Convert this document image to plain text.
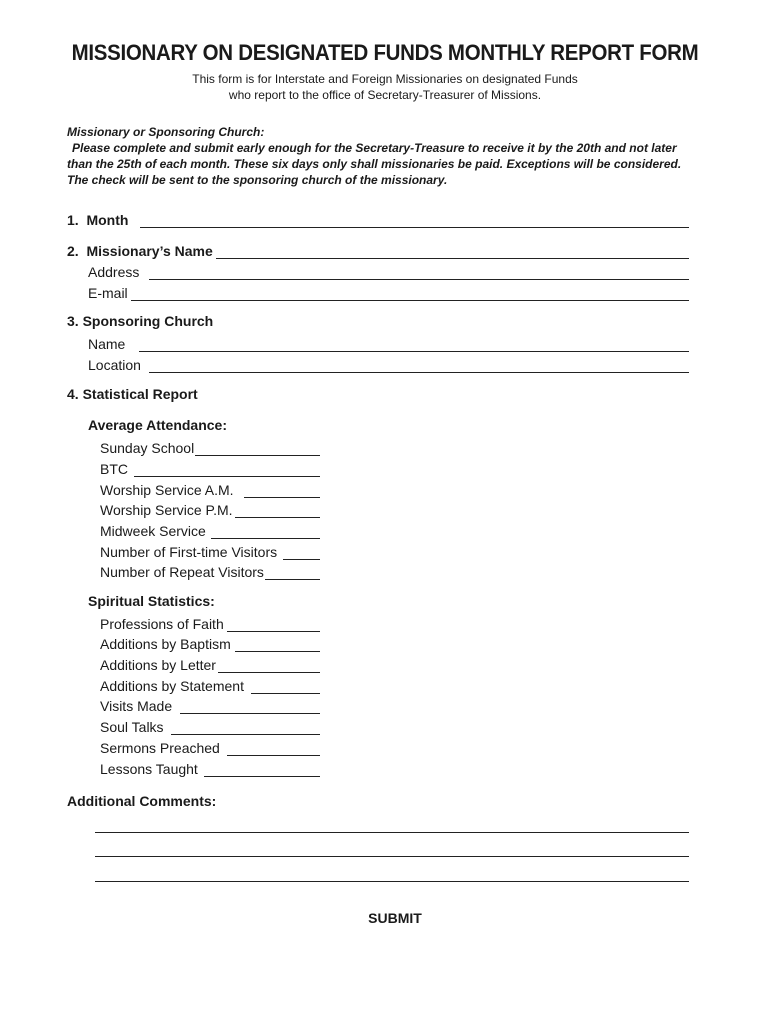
MISSIONARY ON DESIGNATED FUNDS MONTHLY REPORT FORM
This form is for Interstate and Foreign Missionaries on designated Funds
who report to the office of Secretary-Treasurer of Missions.
Missionary or Sponsoring Church:
Please complete and submit early enough for the Secretary-Treasure to receive it by the 20th and not later
than the 25th of each month. These six days only shall missionaries be paid. Exceptions will be considered.
The check will be sent to the sponsoring church of the missionary.
1.  Month
2.  Missionary’s Name
Address
E-mail
3. Sponsoring Church
Name
Location
4. Statistical Report
Average Attendance:
Sunday School
BTC
Worship Service A.M.
Worship Service P.M.
Midweek Service
Number of First-time Visitors
Number of Repeat Visitors
Spiritual Statistics:
Professions of Faith
Additions by Baptism
Additions by Letter
Additions by Statement
Visits Made
Soul Talks
Sermons Preached
Lessons Taught
Additional Comments:
SUBMIT
